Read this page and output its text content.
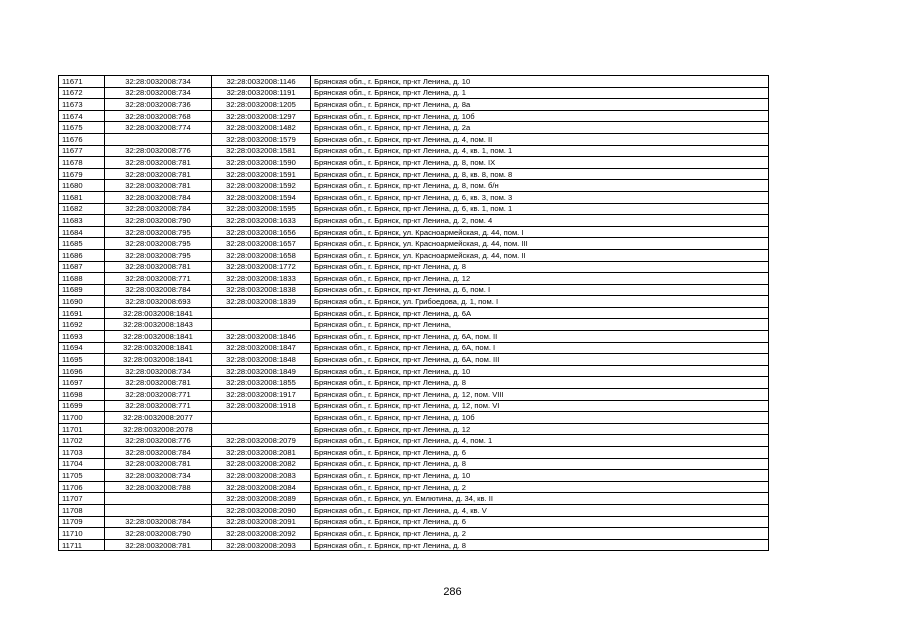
11671	32:28:0032008:734	32:28:0032008:1146	Брянская обл., г. Брянск, пр-кт Ленина, д. 10
11672	32:28:0032008:734	32:28:0032008:1191	Брянская обл., г. Брянск, пр-кт Ленина, д. 1
11673	32:28:0032008:736	32:28:0032008:1205	Брянская обл., г. Брянск, пр-кт Ленина, д. 8а
11674	32:28:0032008:768	32:28:0032008:1297	Брянская обл., г. Брянск, пр-кт Ленина, д. 10б
11675	32:28:0032008:774	32:28:0032008:1482	Брянская обл., г. Брянск, пр-кт Ленина, д. 2а
11676		32:28:0032008:1579	Брянская обл., г. Брянск, пр-кт Ленина, д. 4, пом. II
11677	32:28:0032008:776	32:28:0032008:1581	Брянская обл., г. Брянск, пр-кт Ленина, д. 4, кв. 1, пом. 1
11678	32:28:0032008:781	32:28:0032008:1590	Брянская обл., г. Брянск, пр-кт Ленина, д. 8, пом. IX
11679	32:28:0032008:781	32:28:0032008:1591	Брянская обл., г. Брянск, пр-кт Ленина, д. 8, кв. 8, пом. 8
11680	32:28:0032008:781	32:28:0032008:1592	Брянская обл., г. Брянск, пр-кт Ленина, д. 8, пом. б/н
11681	32:28:0032008:784	32:28:0032008:1594	Брянская обл., г. Брянск, пр-кт Ленина, д. 6, кв. 3, пом. 3
11682	32:28:0032008:784	32:28:0032008:1595	Брянская обл., г. Брянск, пр-кт Ленина, д. 6, кв. 1, пом. 1
11683	32:28:0032008:790	32:28:0032008:1633	Брянская обл., г. Брянск, пр-кт Ленина, д. 2, пом. 4
11684	32:28:0032008:795	32:28:0032008:1656	Брянская обл., г. Брянск, ул. Красноармейская, д. 44, пом. I
11685	32:28:0032008:795	32:28:0032008:1657	Брянская обл., г. Брянск, ул. Красноармейская, д. 44, пом. III
11686	32:28:0032008:795	32:28:0032008:1658	Брянская обл., г. Брянск, ул. Красноармейская, д. 44, пом. II
11687	32:28:0032008:781	32:28:0032008:1772	Брянская обл., г. Брянск, пр-кт Ленина, д. 8
11688	32:28:0032008:771	32:28:0032008:1833	Брянская обл., г. Брянск, пр-кт Ленина, д. 12
11689	32:28:0032008:784	32:28:0032008:1838	Брянская обл., г. Брянск, пр-кт Ленина, д. 6, пом. I
11690	32:28:0032008:693	32:28:0032008:1839	Брянская обл., г. Брянск, ул. Грибоедова, д. 1, пом. I
11691	32:28:0032008:1841		Брянская обл., г. Брянск, пр-кт Ленина, д. 6А
11692	32:28:0032008:1843		Брянская обл., г. Брянск, пр-кт Ленина,
11693	32:28:0032008:1841	32:28:0032008:1846	Брянская обл., г. Брянск, пр-кт Ленина, д. 6А, пом. II
11694	32:28:0032008:1841	32:28:0032008:1847	Брянская обл., г. Брянск, пр-кт Ленина, д. 6А, пом. I
11695	32:28:0032008:1841	32:28:0032008:1848	Брянская обл., г. Брянск, пр-кт Ленина, д. 6А, пом. III
11696	32:28:0032008:734	32:28:0032008:1849	Брянская обл., г. Брянск, пр-кт Ленина, д. 10
11697	32:28:0032008:781	32:28:0032008:1855	Брянская обл., г. Брянск, пр-кт Ленина, д. 8
11698	32:28:0032008:771	32:28:0032008:1917	Брянская обл., г. Брянск, пр-кт Ленина, д. 12, пом. VIII
11699	32:28:0032008:771	32:28:0032008:1918	Брянская обл., г. Брянск, пр-кт Ленина, д. 12, пом. VI
11700	32:28:0032008:2077		Брянская обл., г. Брянск, пр-кт Ленина, д. 10б
11701	32:28:0032008:2078		Брянская обл., г. Брянск, пр-кт Ленина, д. 12
11702	32:28:0032008:776	32:28:0032008:2079	Брянская обл., г. Брянск, пр-кт Ленина, д. 4, пом. 1
11703	32:28:0032008:784	32:28:0032008:2081	Брянская обл., г. Брянск, пр-кт Ленина, д. 6
11704	32:28:0032008:781	32:28:0032008:2082	Брянская обл., г. Брянск, пр-кт Ленина, д. 8
11705	32:28:0032008:734	32:28:0032008:2083	Брянская обл., г. Брянск, пр-кт Ленина, д. 10
11706	32:28:0032008:788	32:28:0032008:2084	Брянская обл., г. Брянск, пр-кт Ленина, д. 2
11707		32:28:0032008:2089	Брянская обл., г. Брянск, ул. Емлютина, д. 34, кв. II
11708		32:28:0032008:2090	Брянская обл., г. Брянск, пр-кт Ленина, д. 4, кв. V
11709	32:28:0032008:784	32:28:0032008:2091	Брянская обл., г. Брянск, пр-кт Ленина, д. 6
11710	32:28:0032008:790	32:28:0032008:2092	Брянская обл., г. Брянск, пр-кт Ленина, д. 2
11711	32:28:0032008:781	32:28:0032008:2093	Брянская обл., г. Брянск, пр-кт Ленина, д. 8
286
